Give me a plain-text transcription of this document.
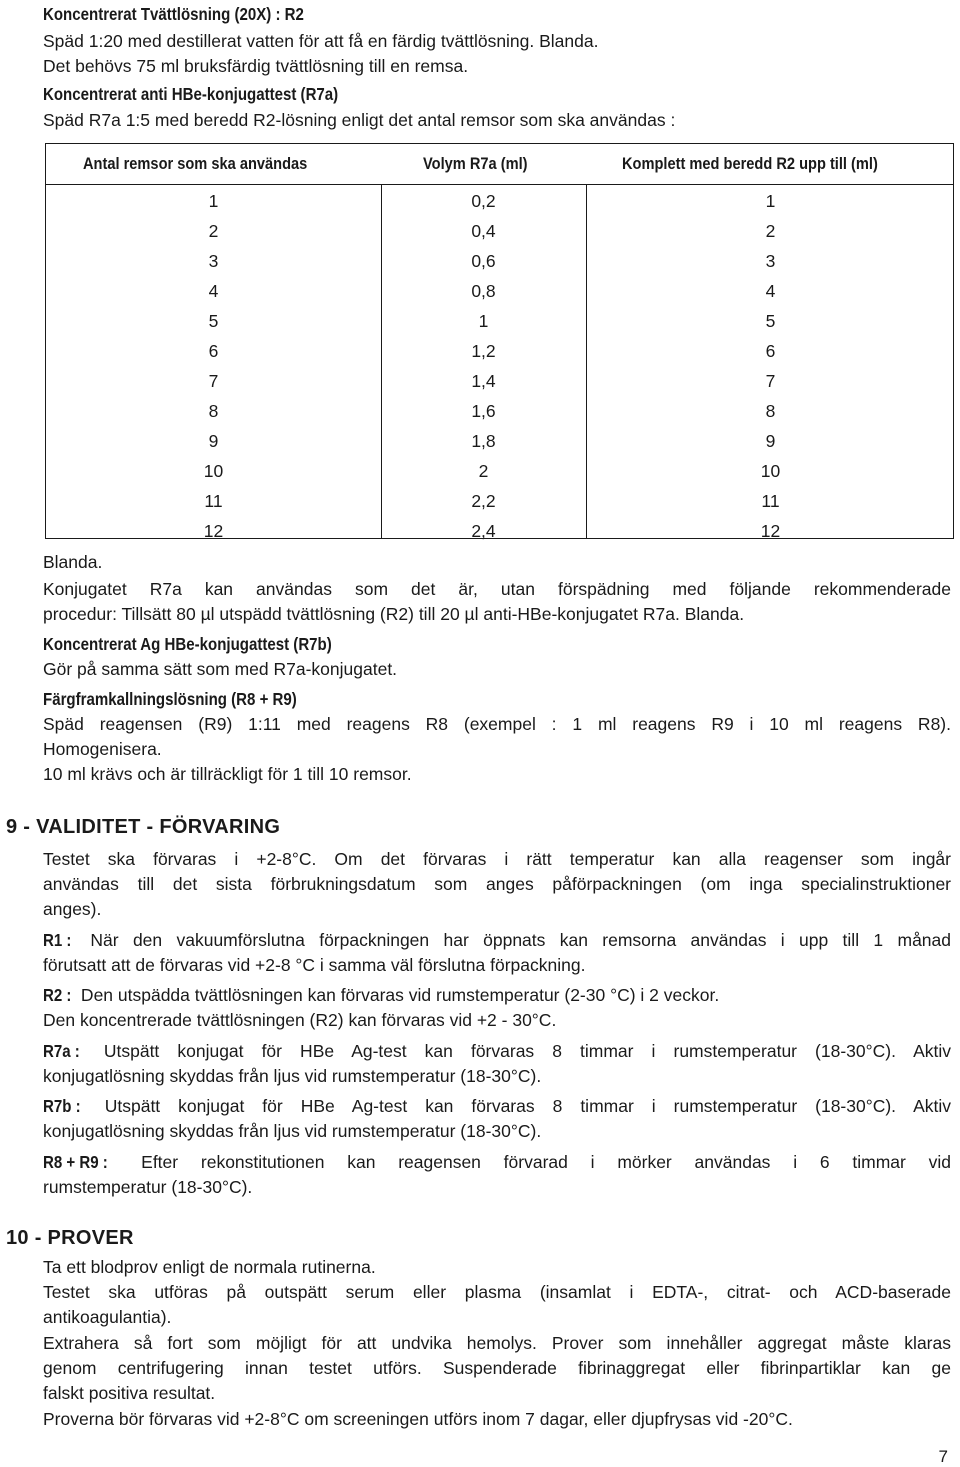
Koncentrerat Tvättlösning (20X) : R2
Späd 1:20 med destillerat vatten för att få en färdig tvättlösning. Blanda.
Det behövs 75 ml bruksfärdig tvättlösning till en remsa.
Koncentrerat anti HBe-konjugattest (R7a)
Späd R7a 1:5 med beredd R2-lösning enligt det antal remsor som ska användas :
Antal remsor som ska användas	Volym R7a (ml)	Komplett med beredd R2 upp till (ml)
1	0,2	1
2	0,4	2
3	0,6	3
4	0,8	4
5	1	5
6	1,2	6
7	1,4	7
8	1,6	8
9	1,8	9
10	2	10
11	2,2	11
12	2,4	12
Blanda.
Konjugatet R7a kan användas som det är, utan förspädning med följande rekommenderade
procedur: Tillsätt 80 µl utspädd tvättlösning (R2) till 20 µl anti-HBe-konjugatet R7a. Blanda.
Koncentrerat Ag HBe-konjugattest (R7b)
Gör på samma sätt som med R7a-konjugatet.
Färgframkallningslösning (R8 + R9)
Späd reagensen (R9) 1:11 med reagens R8 (exempel : 1 ml reagens R9 i 10 ml reagens R8).
Homogenisera.
10 ml krävs och är tillräckligt för 1 till 10 remsor.
9 - VALIDITET - FÖRVARING
Testet ska förvaras i +2-8°C. Om det förvaras i rätt temperatur kan alla reagenser som ingår
användas till det sista förbrukningsdatum som anges påförpackningen (om inga specialinstruktioner
anges).
R1 : När den vakuumförslutna förpackningen har öppnats kan remsorna användas i upp till 1 månad
förutsatt att de förvaras vid +2-8 °C i samma väl förslutna förpackning.
R2 : Den utspädda tvättlösningen kan förvaras vid rumstemperatur (2-30 °C) i 2 veckor.
Den koncentrerade tvättlösningen (R2) kan förvaras vid +2 - 30°C.
R7a : Utspätt konjugat för HBe Ag-test kan förvaras 8 timmar i rumstemperatur (18-30°C). Aktiv
konjugatlösning skyddas från ljus vid rumstemperatur (18-30°C).
R7b : Utspätt konjugat för HBe Ag-test kan förvaras 8 timmar i rumstemperatur (18-30°C). Aktiv
konjugatlösning skyddas från ljus vid rumstemperatur (18-30°C).
R8 + R9 : Efter rekonstitutionen kan reagensen förvarad i mörker användas i 6 timmar vid
rumstemperatur (18-30°C).
10 - PROVER
Ta ett blodprov enligt de normala rutinerna.
Testet ska utföras på outspätt serum eller plasma (insamlat i EDTA-, citrat- och ACD-baserade
antikoagulantia).
Extrahera så fort som möjligt för att undvika hemolys. Prover som innehåller aggregat måste klaras
genom centrifugering innan testet utförs. Suspenderade fibrinaggregat eller fibrinpartiklar kan ge
falskt positiva resultat.
Proverna bör förvaras vid +2-8°C om screeningen utförs inom 7 dagar, eller djupfrysas vid -20°C.
7
